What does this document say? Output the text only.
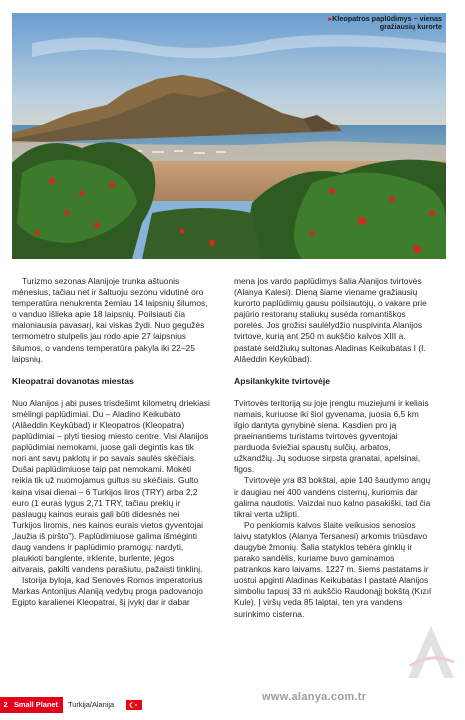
▸Kleopatros paplūdimys – vienas
gražiausių kurorte

Turizmo sezonas Alanijoje trunka aštuonis mėnesius, tačiau net ir šaltuoju sezonu vidutinė oro temperatūra nenukrenta žemiau 14 laipsnių šilumos, o vanduo išlieka apie 18 laipsnių. Poilsiauti čia maloniausia pavasarį, kai viskas žydi. Nuo gegužės termometro stulpelis jau rodo apie 27 laipsnius šilumos, o vandens temperatūra pakyla iki 22–25 laipsnių.

Kleopatrai dovanotas miestas

Nuo Alanijos į abi puses trisdešimt kilometrų driekiasi smėlingi paplūdimiai. Du – Aladino Keikubato (Alâeddin Keykûbad) ir Kleopatros (Kleopatra) paplūdimiai – plyti tiesiog miesto centre. Visi Alanijos paplūdimiai nemokami, juose gali degintis kas tik nori ant savų paklotų ir po savais saulės skėčiais. Dušai paplūdimiuose taip pat nemokami. Mokėti reikia tik už nuomojamus gultus su skėčiais. Gulto kaina visai dienai – 6 Turkijos liros (TRY) arba 2,2 euro (1 euras lygus 2,71 TRY, tačiau prekių ir paslaugų kainos eurais gali būti didesnės nei Turkijos liromis, nes kainos eurais vietos gyventojai „laužia iš piršto"). Paplūdimiuose galima išmėginti daug vandens ir paplūdimio pramogų: nardyti, plaukioti banglente, irklente, burlente, jėgos aitvarais, pakilti vandens parašiutu, pažaisti tinklinį.

Istorija byloja, kad Senovės Romos imperatorius Markas Antonijus Alaniją vedybų proga padovanojo Egipto karalienei Kleopatrai, šį įvykį dar ir dabar

mena jos vardo paplūdimys šalia Alanijos tvirtovės (Alanya Kalesi). Dieną šiame viename gražiausių kurorto paplūdimių gausu poilsiautojų, o vakare prie pajūrio restoranų staliukų susėda romantiškos porelės. Jos grožisi saulėlydžio nusplvinta Alanijos tvirtove, kurią ant 250 m aukščio kalvos XIII a. pastatė seldžiukų sultonas Aladinas Keikubatas I (I. Alâeddin Keykûbad).

Apsilankykite tvirtovėje

Tvirtovės teritoriją su joje įrengtu muziejumi ir keliais namais, kuriuose iki šiol gyvenama, juosia 6,5 km ilgio dantyta gynybinė siena. Kasdien pro ją praeinantiems turistams tvirtovės gyventojai parduoda šviežiai spaustų sulčių, arbatos, užkandžių. Jų soduose sirpsta granatai, apelsinai, figos.

Tvirtovėje yra 83 bokštai, apie 140 šaudymo angų ir daugiau nei 400 vandens cisternų, kuriomis dar galima naudotis. Vaizdai nuo kalno pasakiški, tad čia tikrai verta užlipti.

Po penkiomis kalvos šlaite veikusios senosios laivų statyklos (Alanya Tersanesi) arkomis triūsdavo daugybė žmonių. Šalia statyklos tebėra ginklų ir parako sandėlis, kuriame buvo gaminamos patrankos karo laivams. 1227 m. šiems pastatams ir uostui apginti Aladinas Keikubatas I pastatė Alanijos simboliu tapusį 33 m aukščio Raudonąjį bokštą (Kızıl Kule). Į viršų veda 85 laiptai, ten yra vandens surinkimo cisterna.

www.alanya.com.tr
2 Small Planet	Turkija/Alanija
